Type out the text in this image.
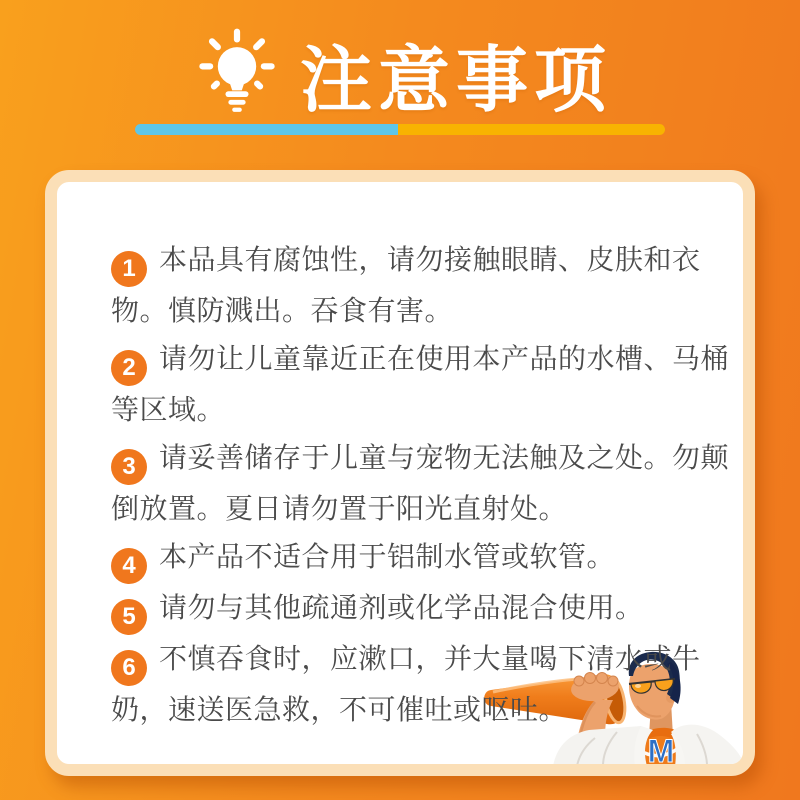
注意事项

1 本品具有腐蚀性，请勿接触眼睛、皮肤和衣物。慎防溅出。吞食有害。

2 请勿让儿童靠近正在使用本产品的水槽、马桶等区域。

3 请妥善储存于儿童与宠物无法触及之处。勿颠倒放置。夏日请勿置于阳光直射处。

4 本产品不适合用于铝制水管或软管。

5 请勿与其他疏通剂或化学品混合使用。

6 不慎吞食时，应漱口，并大量喝下清水或牛奶，速送医急救，不可催吐或呕吐。

M
